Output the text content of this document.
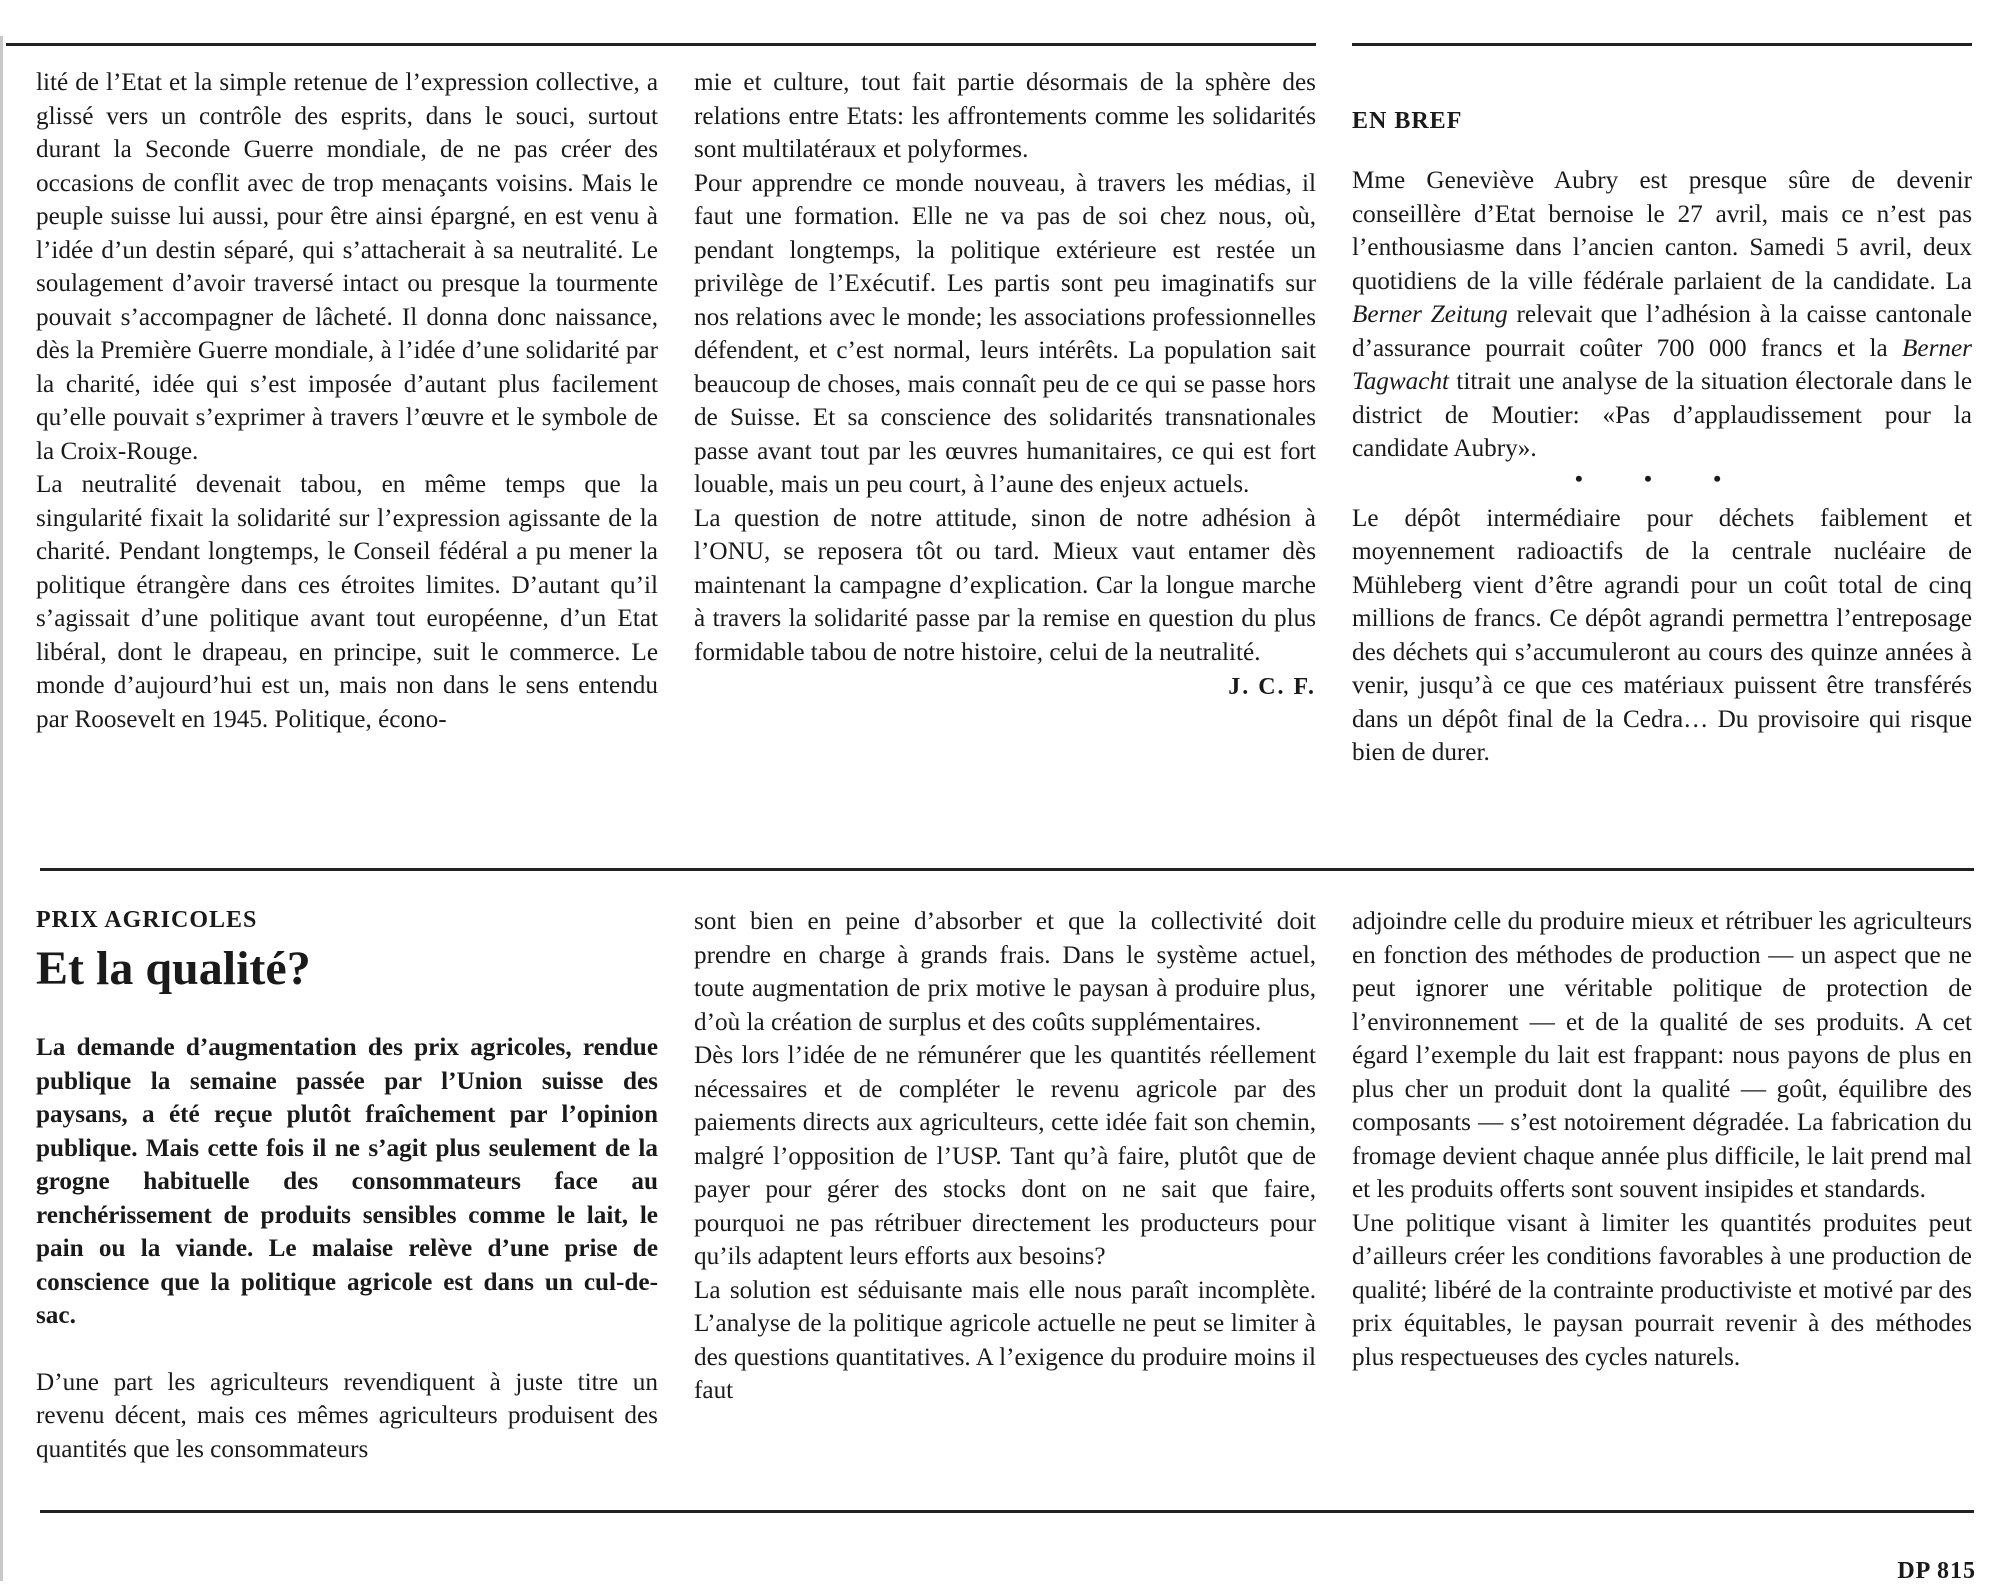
lité de l’Etat et la simple retenue de l’expression collective, a glissé vers un contrôle des esprits, dans le souci, surtout durant la Seconde Guerre mondiale, de ne pas créer des occasions de conflit avec de trop menaçants voisins. Mais le peuple suisse lui aussi, pour être ainsi épargné, en est venu à l’idée d’un destin séparé, qui s’attacherait à sa neutralité. Le soulagement d’avoir traversé intact ou presque la tourmente pouvait s’accompagner de lâcheté. Il donna donc naissance, dès la Première Guerre mondiale, à l’idée d’une solidarité par la charité, idée qui s’est imposée d’autant plus facilement qu’elle pouvait s’exprimer à travers l’œuvre et le symbole de la Croix-Rouge.

La neutralité devenait tabou, en même temps que la singularité fixait la solidarité sur l’expression agissante de la charité. Pendant longtemps, le Conseil fédéral a pu mener la politique étrangère dans ces étroites limites. D’autant qu’il s’agissait d’une politique avant tout européenne, d’un Etat libéral, dont le drapeau, en principe, suit le commerce. Le monde d’aujourd’hui est un, mais non dans le sens entendu par Roosevelt en 1945. Politique, écono-

mie et culture, tout fait partie désormais de la sphère des relations entre Etats: les affrontements comme les solidarités sont multilatéraux et polyformes.

Pour apprendre ce monde nouveau, à travers les médias, il faut une formation. Elle ne va pas de soi chez nous, où, pendant longtemps, la politique extérieure est restée un privilège de l’Exécutif. Les partis sont peu imaginatifs sur nos relations avec le monde; les associations professionnelles défendent, et c’est normal, leurs intérêts. La population sait beaucoup de choses, mais connaît peu de ce qui se passe hors de Suisse. Et sa conscience des solidarités transnationales passe avant tout par les œuvres humanitaires, ce qui est fort louable, mais un peu court, à l’aune des enjeux actuels.

La question de notre attitude, sinon de notre adhésion à l’ONU, se reposera tôt ou tard. Mieux vaut entamer dès maintenant la campagne d’explication. Car la longue marche à travers la solidarité passe par la remise en question du plus formidable tabou de notre histoire, celui de la neutralité.

J. C. F.

EN BREF

Mme Geneviève Aubry est presque sûre de devenir conseillère d’Etat bernoise le 27 avril, mais ce n’est pas l’enthousiasme dans l’ancien canton. Samedi 5 avril, deux quotidiens de la ville fédérale parlaient de la candidate. La Berner Zeitung relevait que l’adhésion à la caisse cantonale d’assurance pourrait coûter 700 000 francs et la Berner Tagwacht titrait une analyse de la situation électorale dans le district de Moutier: «Pas d’applaudissement pour la candidate Aubry».

• • •

Le dépôt intermédiaire pour déchets faiblement et moyennement radioactifs de la centrale nucléaire de Mühleberg vient d’être agrandi pour un coût total de cinq millions de francs. Ce dépôt agrandi permettra l’entreposage des déchets qui s’accumuleront au cours des quinze années à venir, jusqu’à ce que ces matériaux puissent être transférés dans un dépôt final de la Cedra… Du provisoire qui risque bien de durer.

PRIX AGRICOLES

Et la qualité?

La demande d’augmentation des prix agricoles, rendue publique la semaine passée par l’Union suisse des paysans, a été reçue plutôt fraîchement par l’opinion publique. Mais cette fois il ne s’agit plus seulement de la grogne habituelle des consommateurs face au renchérissement de produits sensibles comme le lait, le pain ou la viande. Le malaise relève d’une prise de conscience que la politique agricole est dans un cul-de-sac.

D’une part les agriculteurs revendiquent à juste titre un revenu décent, mais ces mêmes agriculteurs produisent des quantités que les consommateurs

sont bien en peine d’absorber et que la collectivité doit prendre en charge à grands frais. Dans le système actuel, toute augmentation de prix motive le paysan à produire plus, d’où la création de surplus et des coûts supplémentaires.

Dès lors l’idée de ne rémunérer que les quantités réellement nécessaires et de compléter le revenu agricole par des paiements directs aux agriculteurs, cette idée fait son chemin, malgré l’opposition de l’USP. Tant qu’à faire, plutôt que de payer pour gérer des stocks dont on ne sait que faire, pourquoi ne pas rétribuer directement les producteurs pour qu’ils adaptent leurs efforts aux besoins?

La solution est séduisante mais elle nous paraît incomplète. L’analyse de la politique agricole actuelle ne peut se limiter à des questions quantitatives. A l’exigence du produire moins il faut

adjoindre celle du produire mieux et rétribuer les agriculteurs en fonction des méthodes de production — un aspect que ne peut ignorer une véritable politique de protection de l’environnement — et de la qualité de ses produits. A cet égard l’exemple du lait est frappant: nous payons de plus en plus cher un produit dont la qualité — goût, équilibre des composants — s’est notoirement dégradée. La fabrication du fromage devient chaque année plus difficile, le lait prend mal et les produits offerts sont souvent insipides et standards.

Une politique visant à limiter les quantités produites peut d’ailleurs créer les conditions favorables à une production de qualité; libéré de la contrainte productiviste et motivé par des prix équitables, le paysan pourrait revenir à des méthodes plus respectueuses des cycles naturels.

DP 815
